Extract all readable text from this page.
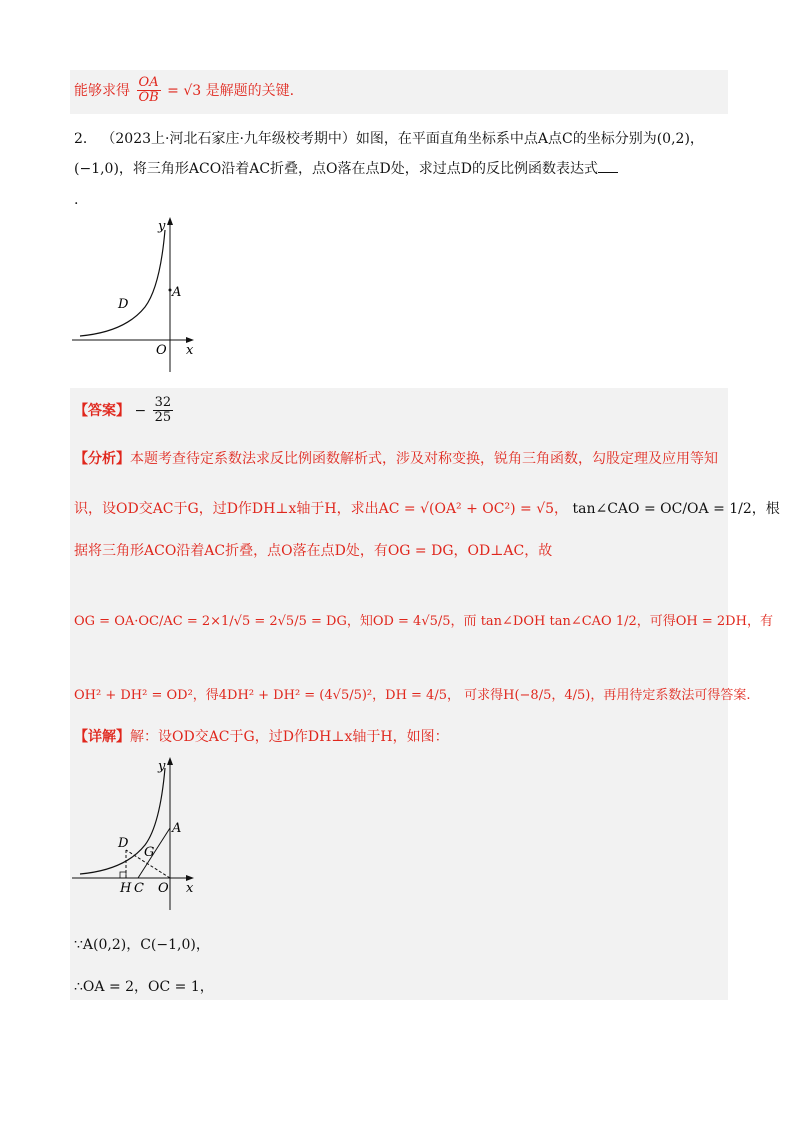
能够求得 $\frac{OA}{OB} = √3$ 是解题的关键.
2． （2023上·河北石家庄·九年级校考期中）如图，在平面直角坐标系中点A点C的坐标分别为(0,2)，
(−1,0)，将三角形ACO沿着AC折叠，点O落在点D处，求过点D的反比例函数表达式
.
y
A
D
O x
【答案】 − $\frac{32}{25}$
【分析】本题考查待定系数法求反比例函数解析式，涉及对称变换，锐角三角函数，勾股定理及应用等知
识，设OD交AC于G，过D作DH⊥x轴于H，求出AC = √(OA² + OC²) = √5， tan∠CAO = OC/OA = 1/2，根
据将三角形ACO沿着AC折叠，点O落在点D处，有OG = DG，OD⊥AC，故
OG = OA·OC/AC = 2×1/√5 = 2√5/5 = DG，知OD = 4√5/5，而 tan∠DOH tan∠CAO 1/2，可得OH = 2DH，有
OH² + DH² = OD²，得4DH² + DH² = (4√5/5)²，DH = 4/5， 可求得H(−8/5，4/5)，再用待定系数法可得答案.
【详解】解：设OD交AC于G，过D作DH⊥x轴于H，如图：
y
A
D
G
H C O x
∵A(0,2)，C(−1,0)，
∴OA = 2，OC = 1，
